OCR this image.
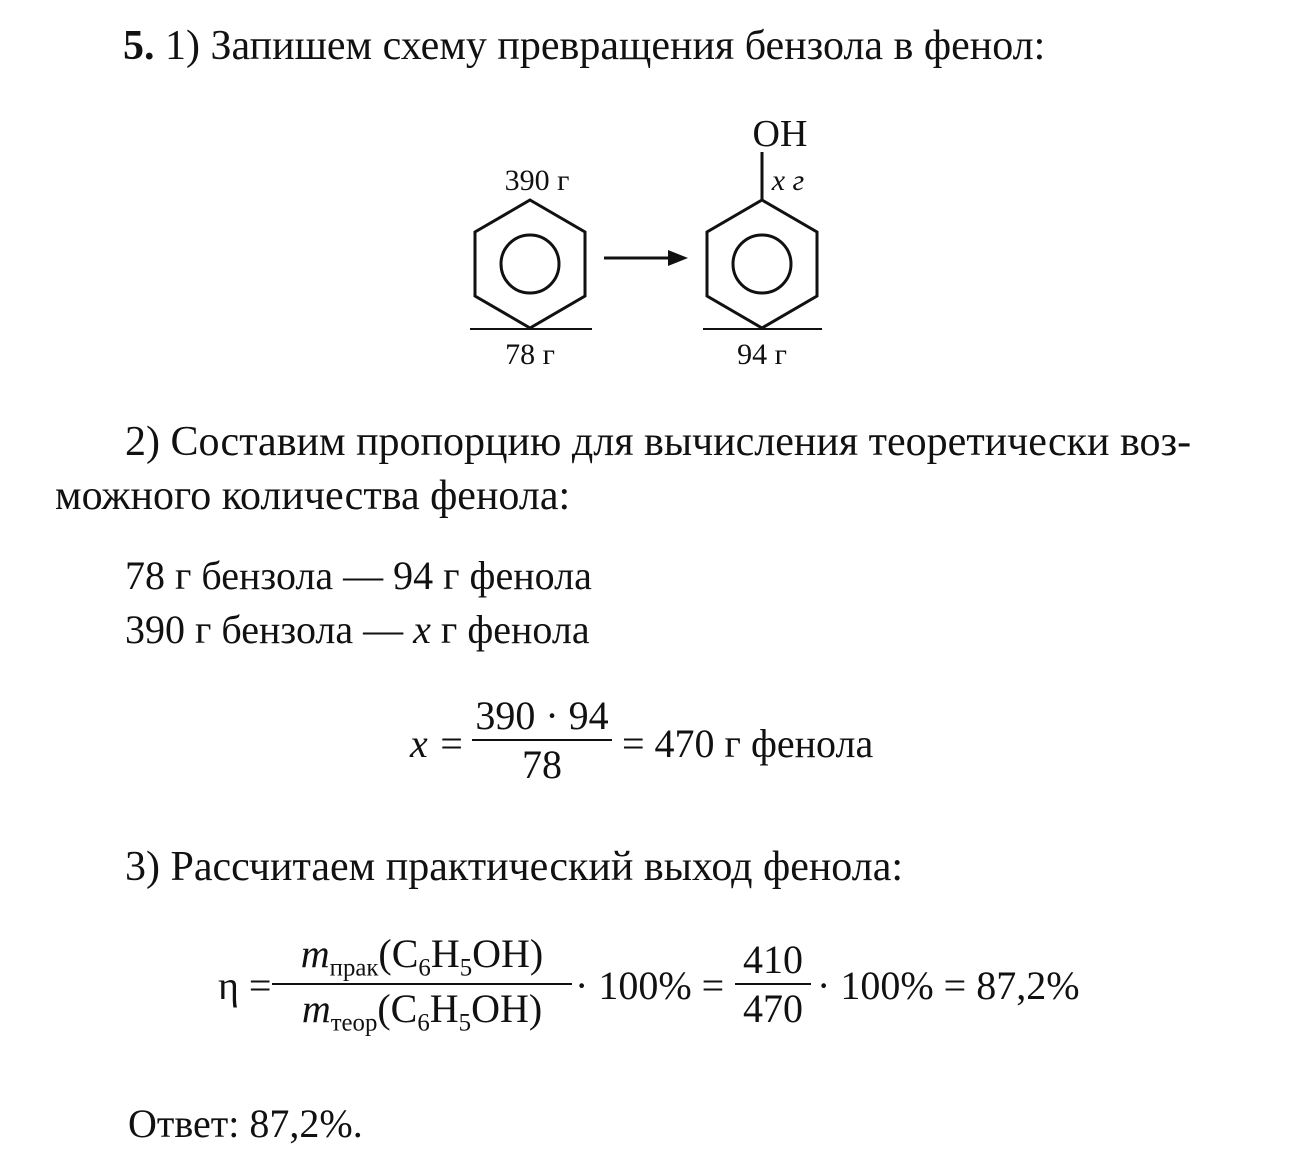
5. 1) Запишем схему превращения бензола в фенол:
390 г
78 г
OH
x г
94 г
2) Составим пропорцию для вычисления теоретически воз-
можного количества фенола:
78 г бензола — 94 г фенола
390 г бензола — x г фенола
x =
390 · 94
78	= 470 г фенола
3) Рассчитаем практический выход фенола:
η =
$m_{прак}(C_6H_5OH)$
$m_{теор}(C_6H_5OH)$
· 100% =
410
470
· 100% = 87,2%
Ответ: 87,2%.
